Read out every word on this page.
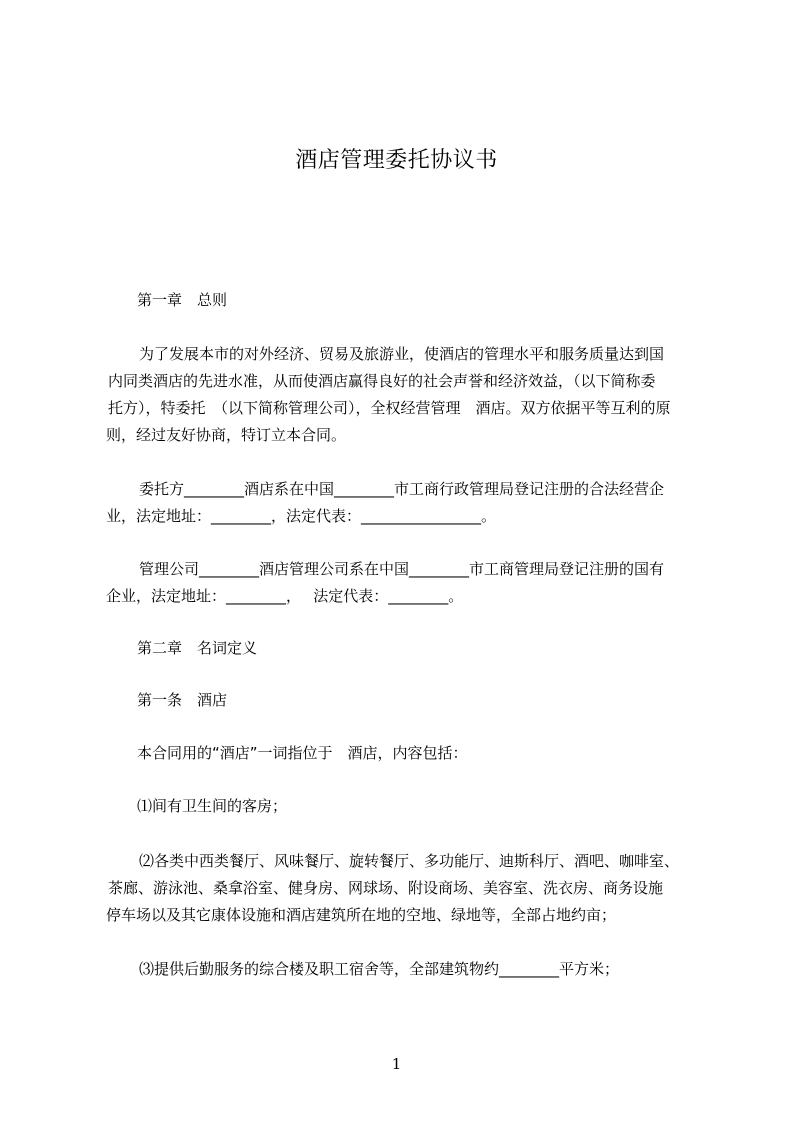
酒店管理委托协议书
第一章　总则
为了发展本市的对外经济、贸易及旅游业，使酒店的管理水平和服务质量达到国
内同类酒店的先进水准，从而使酒店赢得良好的社会声誉和经济效益，（以下简称委
托方），特委托　（以下简称管理公司），全权经营管理　酒店。双方依据平等互利的原
则，经过友好协商，特订立本合同。
委托方________酒店系在中国________市工商行政管理局登记注册的合法经营企
业，法定地址：________，法定代表：________________。
管理公司________酒店管理公司系在中国________市工商管理局登记注册的国有
企业，法定地址：________，　 法定代表：________。
第二章　名词定义
第一条　酒店
本合同用的“酒店”一词指位于　酒店，内容包括：
⑴间有卫生间的客房；
⑵各类中西类餐厅、风味餐厅、旋转餐厅、多功能厅、迪斯科厅、酒吧、咖啡室、
茶廊、游泳池、桑拿浴室、健身房、网球场、附设商场、美容室、洗衣房、商务设施
停车场以及其它康体设施和酒店建筑所在地的空地、绿地等，全部占地约亩；
⑶提供后勤服务的综合楼及职工宿舍等，全部建筑物约________平方米；
1
